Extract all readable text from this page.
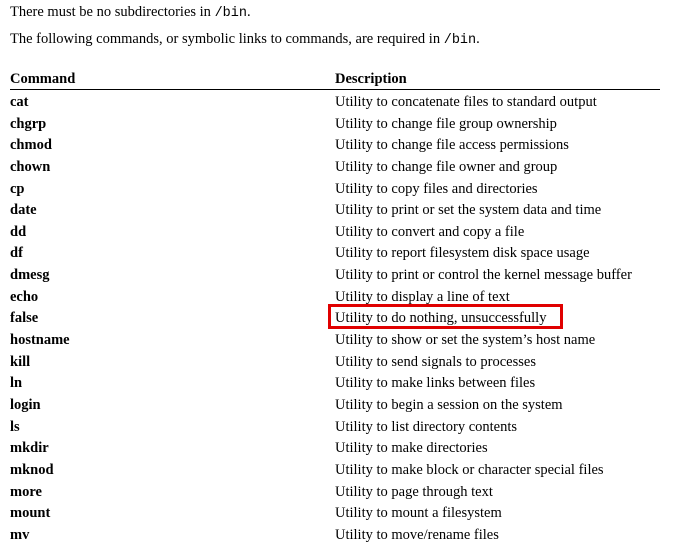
There must be no subdirectories in /bin.
The following commands, or symbolic links to commands, are required in /bin.
Command	Description
cat	Utility to concatenate files to standard output
chgrp	Utility to change file group ownership
chmod	Utility to change file access permissions
chown	Utility to change file owner and group
cp	Utility to copy files and directories
date	Utility to print or set the system data and time
dd	Utility to convert and copy a file
df	Utility to report filesystem disk space usage
dmesg	Utility to print or control the kernel message buffer
echo	Utility to display a line of text
false	Utility to do nothing, unsuccessfully
hostname	Utility to show or set the system’s host name
kill	Utility to send signals to processes
ln	Utility to make links between files
login	Utility to begin a session on the system
ls	Utility to list directory contents
mkdir	Utility to make directories
mknod	Utility to make block or character special files
more	Utility to page through text
mount	Utility to mount a filesystem
mv	Utility to move/rename files
